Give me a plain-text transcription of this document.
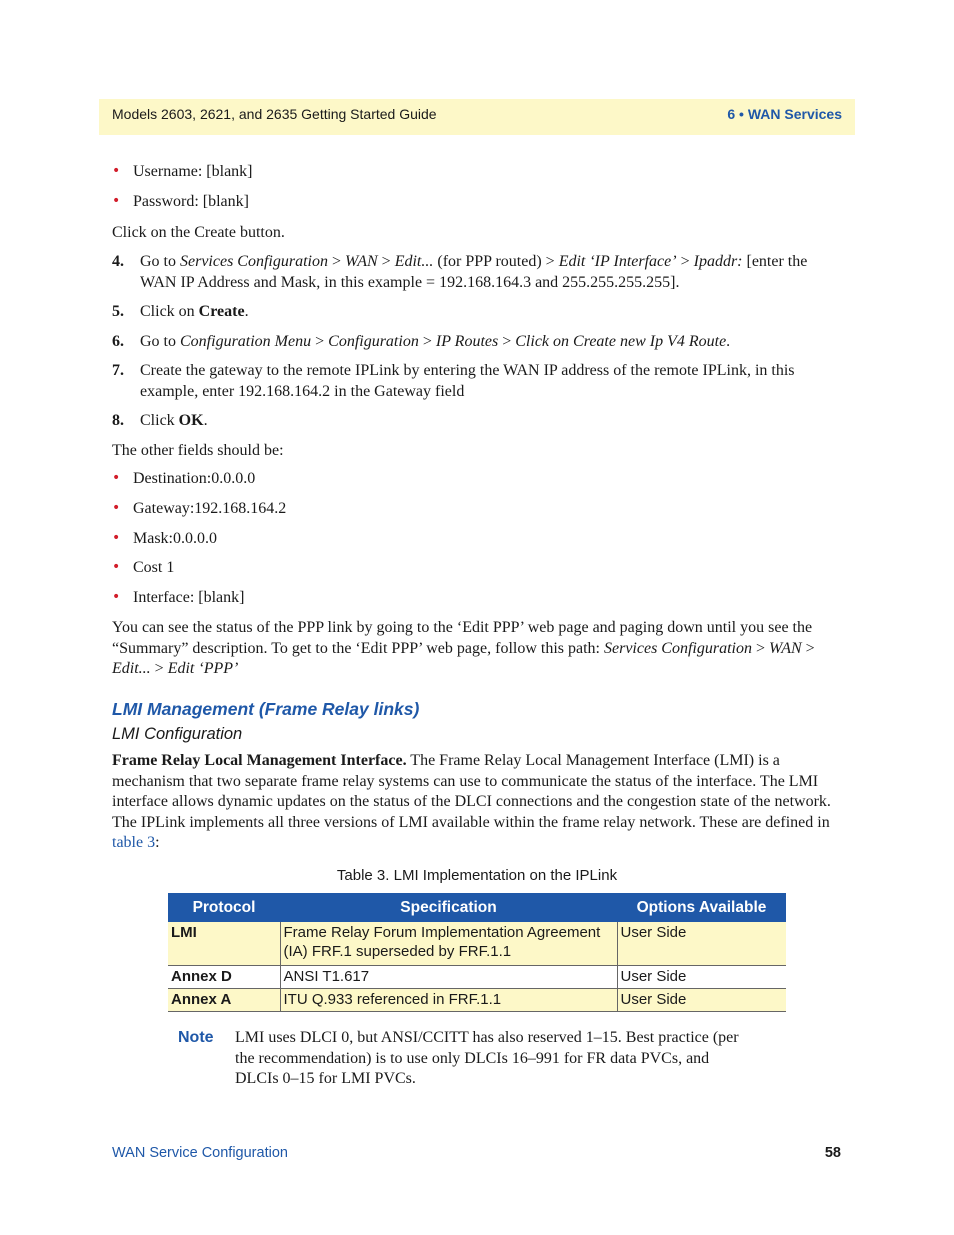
Models 2603, 2621, and 2635 Getting Started Guide	6 • WAN Services
• Username: [blank]
• Password: [blank]
Click on the Create button.
4. Go to Services Configuration > WAN > Edit... (for PPP routed) > Edit ‘IP Interface’ > Ipaddr: [enter the WAN IP Address and Mask, in this example = 192.168.164.3 and 255.255.255.255].
5. Click on Create.
6. Go to Configuration Menu > Configuration > IP Routes > Click on Create new Ip V4 Route.
7. Create the gateway to the remote IPLink by entering the WAN IP address of the remote IPLink, in this example, enter 192.168.164.2 in the Gateway field
8. Click OK.
The other fields should be:
• Destination:0.0.0.0
• Gateway:192.168.164.2
• Mask:0.0.0.0
• Cost 1
• Interface: [blank]
You can see the status of the PPP link by going to the ‘Edit PPP’ web page and paging down until you see the “Summary” description. To get to the ‘Edit PPP’ web page, follow this path: Services Configuration > WAN > Edit... > Edit ‘PPP’
LMI Management (Frame Relay links)
LMI Configuration
Frame Relay Local Management Interface. The Frame Relay Local Management Interface (LMI) is a mechanism that two separate frame relay systems can use to communicate the status of the interface. The LMI interface allows dynamic updates on the status of the DLCI connections and the congestion state of the network. The IPLink implements all three versions of LMI available within the frame relay network. These are defined in table 3:
Table 3. LMI Implementation on the IPLink
Protocol	Specification	Options Available
LMI	Frame Relay Forum Implementation Agreement (IA) FRF.1 superseded by FRF.1.1	User Side
Annex D	ANSI T1.617	User Side
Annex A	ITU Q.933 referenced in FRF.1.1	User Side
Note LMI uses DLCI 0, but ANSI/CCITT has also reserved 1–15. Best practice (per the recommendation) is to use only DLCIs 16–991 for FR data PVCs, and DLCIs 0–15 for LMI PVCs.
WAN Service Configuration	58
